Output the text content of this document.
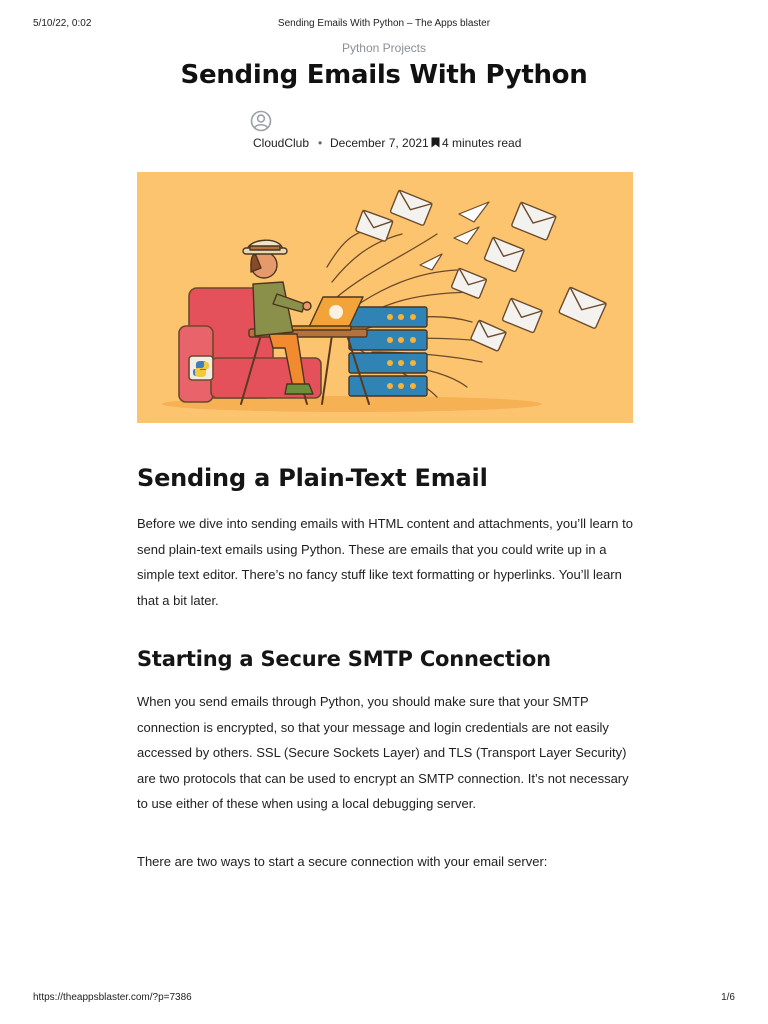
5/10/22, 0:02	Sending Emails With Python – The Apps blaster
Python Projects
Sending Emails With Python
CloudClub • December 7, 2021 4 minutes read
Sending a Plain-Text Email

Before we dive into sending emails with HTML content and attachments, you’ll learn to send plain-text emails using Python. These are emails that you could write up in a simple text editor. There’s no fancy stuff like text formatting or hyperlinks. You’ll learn that a bit later.

Starting a Secure SMTP Connection

When you send emails through Python, you should make sure that your SMTP connection is encrypted, so that your message and login credentials are not easily accessed by others. SSL (Secure Sockets Layer) and TLS (Transport Layer Security) are two protocols that can be used to encrypt an SMTP connection. It’s not necessary to use either of these when using a local debugging server.

There are two ways to start a secure connection with your email server:

https://theappsblaster.com/?p=7386	1/6
